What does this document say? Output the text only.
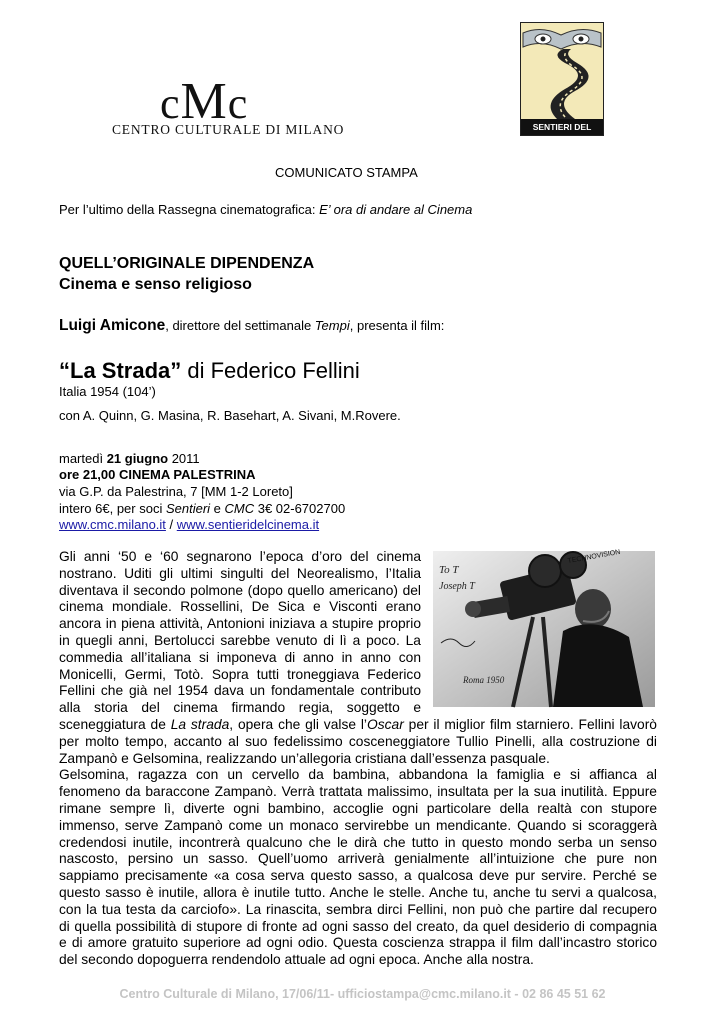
cMc
CENTRO CULTURALE DI MILANO	SENTIERI DEL CINEMA
COMUNICATO STAMPA
Per l’ultimo della Rassegna cinematografica: E’ ora di andare al Cinema
QUELL’ORIGINALE DIPENDENZA
Cinema e senso religioso
Luigi Amicone, direttore del settimanale Tempi, presenta il film:
“La Strada” di Federico Fellini
Italia 1954 (104’)
con A. Quinn, G. Masina, R. Basehart, A. Sivani, M.Rovere.
martedì 21 giugno 2011
ore 21,00 CINEMA PALESTRINA
via G.P. da Palestrina, 7 [MM 1-2 Loreto]
intero 6€, per soci Sentieri e CMC 3€ 02-6702700
www.cmc.milano.it / www.sentieridelcinema.it
TECHNOVISION
To T
Joseph T
Roma 1950
Gli anni ‘50 e ‘60 segnarono l’epoca d’oro del cinema
nostrano. Uditi gli ultimi singulti del Neorealismo, l’Italia
diventava il secondo polmone (dopo quello americano) del
cinema mondiale. Rossellini, De Sica e Visconti erano
ancora in piena attività, Antonioni iniziava a stupire proprio
in quegli anni, Bertolucci sarebbe venuto di lì a poco. La
commedia all’italiana si imponeva di anno in anno con
Monicelli, Germi, Totò. Sopra tutti troneggiava Federico
Fellini che già nel 1954 dava un fondamentale contributo
alla storia del cinema firmando regia, soggetto e
sceneggiatura de La strada, opera che gli valse l’Oscar per il miglior film starniero. Fellini lavorò
per molto tempo, accanto al suo fedelissimo cosceneggiatore Tullio Pinelli, alla costruzione di
Zampanò e Gelsomina, realizzando un’allegoria cristiana dall’essenza pasquale.
Gelsomina, ragazza con un cervello da bambina, abbandona la famiglia e si affianca al
fenomeno da baraccone Zampanò. Verrà trattata malissimo, insultata per la sua inutilità. Eppure
rimane sempre lì, diverte ogni bambino, accoglie ogni particolare della realtà con stupore
immenso, serve Zampanò come un monaco servirebbe un mendicante. Quando si scoraggerà
credendosi inutile, incontrerà qualcuno che le dirà che tutto in questo mondo serba un senso
nascosto, persino un sasso. Quell’uomo arriverà genialmente all’intuizione che pure non
sappiamo precisamente «a cosa serva questo sasso, a qualcosa deve pur servire. Perché se
questo sasso è inutile, allora è inutile tutto. Anche le stelle. Anche tu, anche tu servi a qualcosa,
con la tua testa da carciofo». La rinascita, sembra dirci Fellini, non può che partire dal recupero
di quella possibilità di stupore di fronte ad ogni sasso del creato, da quel desiderio di compagnia
e di amore gratuito superiore ad ogni odio. Questa coscienza strappa il film dall’incastro storico
del secondo dopoguerra rendendolo attuale ad ogni epoca. Anche alla nostra.
Centro Culturale di Milano, 17/06/11- ufficiostampa@cmc.milano.it - 02 86 45 51 62
